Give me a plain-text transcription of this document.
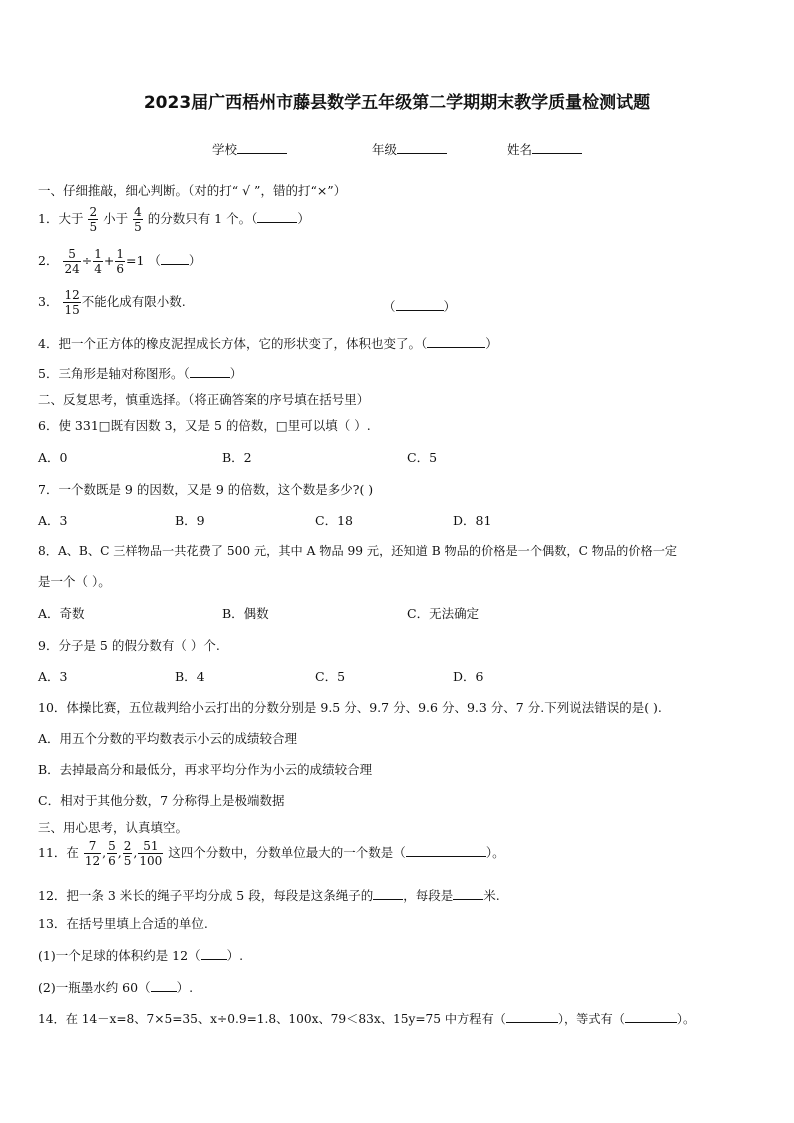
2023届广西梧州市藤县数学五年级第二学期期末教学质量检测试题
学校	年级	姓名
一、仔细推敲，细心判断。（对的打“ √ ”，错的打“×”）
1．大于 $\frac{2}{5}$ 小于 $\frac{4}{5}$ 的分数只有 1 个。（	）
2． $\frac{5}{24} \div \frac{1}{4} + \frac{1}{6} =1$ （ ）
3． $\frac{12}{15}$ 不能化成有限小数.	（	）
4．把一个正方体的橡皮泥捏成长方体，它的形状变了，体积也变了。（	）
5．三角形是轴对称图形。（	）
二、反复思考，慎重选择。（将正确答案的序号填在括号里）
6．使 331□既有因数 3，又是 5 的倍数，□里可以填（ ）.
A．0	B．2	C．5
7．一个数既是 9 的因数，又是 9 的倍数，这个数是多少?( )
A．3	B．9	C．18	D．81
8．A、B、C 三样物品一共花费了 500 元，其中 A 物品 99 元，还知道 B 物品的价格是一个偶数，C 物品的价格一定
是一个（ ）。
A．奇数	B．偶数	C．无法确定
9．分子是 5 的假分数有（ ）个.
A．3	B．4	C．5	D．6
10．体操比赛，五位裁判给小云打出的分数分别是 9.5 分、9.7 分、9.6 分、9.3 分、7 分.下列说法错误的是( ).
A．用五个分数的平均数表示小云的成绩较合理
B．去掉最高分和最低分，再求平均分作为小云的成绩较合理
C．相对于其他分数，7 分称得上是极端数据
三、用心思考，认真填空。
11．在 $\frac{7}{12}$ , $\frac{5}{6}$ , $\frac{2}{5}$ , $\frac{51}{100}$ 这四个分数中，分数单位最大的一个数是（	）。
12．把一条 3 米长的绳子平均分成 5 段，每段是这条绳子的 ，每段是 米.
13．在括号里填上合适的单位.
(1)一个足球的体积约是 12（ ）.
(2)一瓶墨水约 60（ ）.
14．在 14－x=8、7×5=35、x÷0.9=1.8、100x、79＜83x、15y=75 中方程有（	），等式有（	）。
